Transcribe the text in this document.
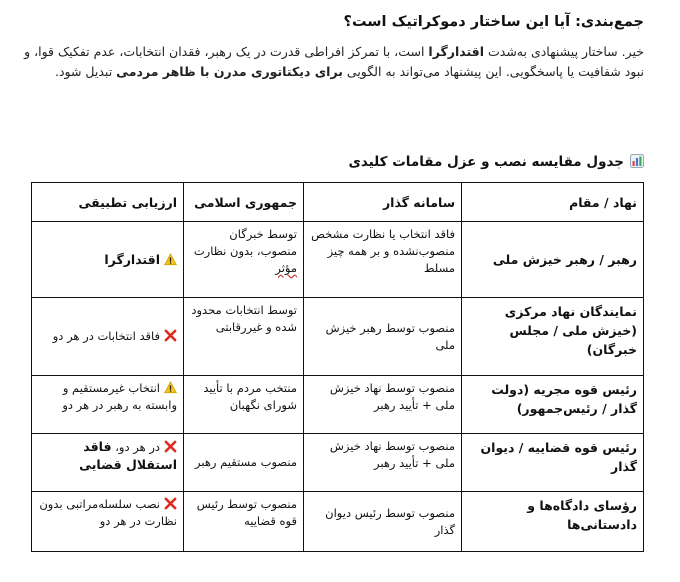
جمع‌بندی: آیا این ساختار دموکراتیک است؟
خیر. ساختار پیشنهادی به‌شدت اقتدارگرا است، با تمرکز افراطی قدرت در یک رهبر، فقدان انتخابات، عدم تفکیک قوا، و نبود شفافیت یا پاسخگویی. این پیشنهاد می‌تواند به الگویی برای دیکتاتوری مدرن با ظاهر مردمی تبدیل شود.
جدول مقایسه نصب و عزل مقامات کلیدی
نهاد / مقام	سامانه گذار	جمهوری اسلامی	ارزیابی تطبیقی
رهبر / رهبر خیزش ملی	فاقد انتخاب یا نظارت مشخص منصوب‌نشده و بر همه چیز مسلط	توسط خبرگان منصوب، بدون نظارت مؤثر	اقتدارگرا
نمایندگان نهاد مرکزی (خیزش ملی / مجلس خبرگان)	منصوب توسط رهبر خیزش ملی	توسط انتخابات محدود شده و غیررقابتی	فاقد انتخابات در هر دو
رئیس قوه مجریه (دولت گذار / رئیس‌جمهور)	منصوب توسط نهاد خیزش ملی + تأیید رهبر	منتخب مردم با تأیید شورای نگهبان	انتخاب غیرمستقیم و وابسته به رهبر در هر دو
رئیس قوه قضاییه / دیوان گذار	منصوب توسط نهاد خیزش ملی + تأیید رهبر	منصوب مستقیم رهبر	در هر دو، فاقد استقلال قضایی
رؤسای دادگاه‌ها و دادستانی‌ها	منصوب توسط رئیس دیوان گذار	منصوب توسط رئیس قوه قضاییه	نصب سلسله‌مراتبی بدون نظارت در هر دو
